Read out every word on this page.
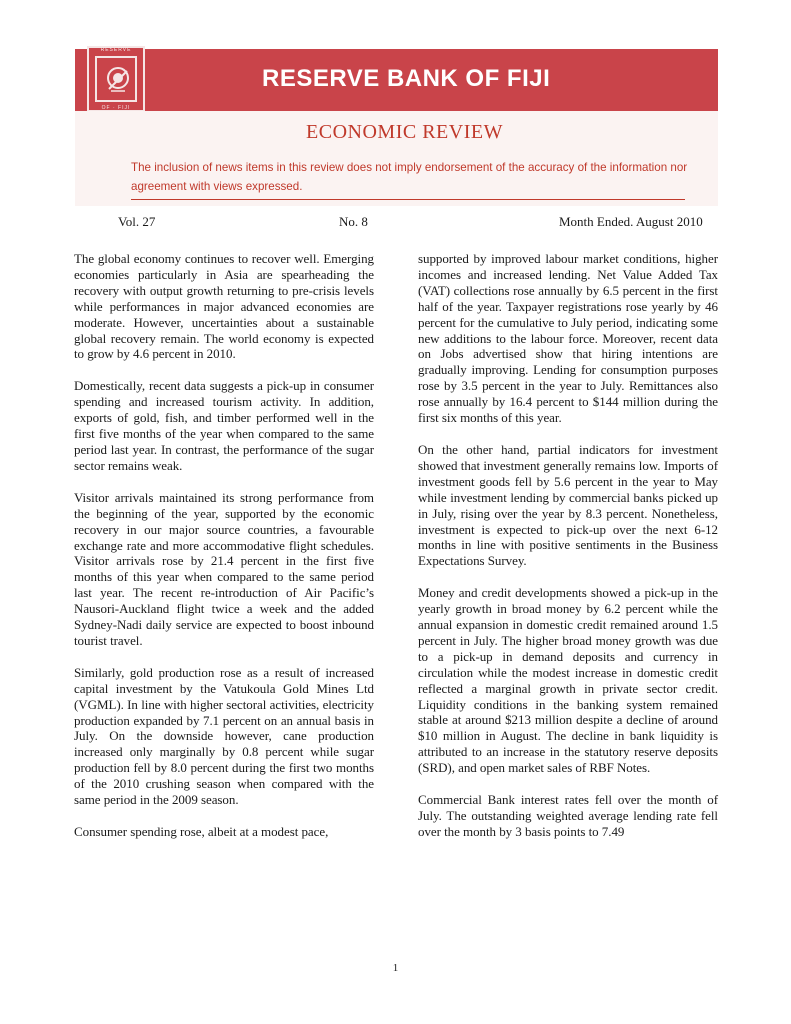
RESERVE
OF · FIJI
RESERVE BANK OF FIJI
ECONOMIC REVIEW
The inclusion of news items in this review does not imply endorsement of the accuracy of the information nor agreement with views expressed.
Vol. 27	No. 8	Month Ended. August 2010

The global economy continues to recover well. Emerging economies particularly in Asia are spearheading the recovery with output growth returning to pre-crisis levels while performances in major advanced economies are moderate. However, uncertainties about a sustainable global recovery remain. The world economy is expected to grow by 4.6 percent in 2010.

Domestically, recent data suggests a pick-up in consumer spending and increased tourism activity. In addition, exports of gold, fish, and timber performed well in the first five months of the year when compared to the same period last year. In contrast, the performance of the sugar sector remains weak.

Visitor arrivals maintained its strong performance from the beginning of the year, supported by the economic recovery in our major source countries, a favourable exchange rate and more accommodative flight schedules. Visitor arrivals rose by 21.4 percent in the first five months of this year when compared to the same period last year. The recent re-introduction of Air Pacific’s Nausori-Auckland flight twice a week and the added Sydney-Nadi daily service are expected to boost inbound tourist travel.

Similarly, gold production rose as a result of increased capital investment by the Vatukoula Gold Mines Ltd (VGML). In line with higher sectoral activities, electricity production expanded by 7.1 percent on an annual basis in July. On the downside however, cane production increased only marginally by 0.8 percent while sugar production fell by 8.0 percent during the first two months of the 2010 crushing season when compared with the same period in the 2009 season.

Consumer spending rose, albeit at a modest pace,

supported by improved labour market conditions, higher incomes and increased lending. Net Value Added Tax (VAT) collections rose annually by 6.5 percent in the first half of the year. Taxpayer registrations rose yearly by 46 percent for the cumulative to July period, indicating some new additions to the labour force. Moreover, recent data on Jobs advertised show that hiring intentions are gradually improving. Lending for consumption purposes rose by 3.5 percent in the year to July. Remittances also rose annually by 16.4 percent to $144 million during the first six months of this year.

On the other hand, partial indicators for investment showed that investment generally remains low. Imports of investment goods fell by 5.6 percent in the year to May while investment lending by commercial banks picked up in July, rising over the year by 8.3 percent. Nonetheless, investment is expected to pick-up over the next 6-12 months in line with positive sentiments in the Business Expectations Survey.

Money and credit developments showed a pick-up in the yearly growth in broad money by 6.2 percent while the annual expansion in domestic credit remained around 1.5 percent in July. The higher broad money growth was due to a pick-up in demand deposits and currency in circulation while the modest increase in domestic credit reflected a marginal growth in private sector credit. Liquidity conditions in the banking system remained stable at around $213 million despite a decline of around $10 million in August. The decline in bank liquidity is attributed to an increase in the statutory reserve deposits (SRD), and open market sales of RBF Notes.

Commercial Bank interest rates fell over the month of July. The outstanding weighted average lending rate fell over the month by 3 basis points to 7.49

1
